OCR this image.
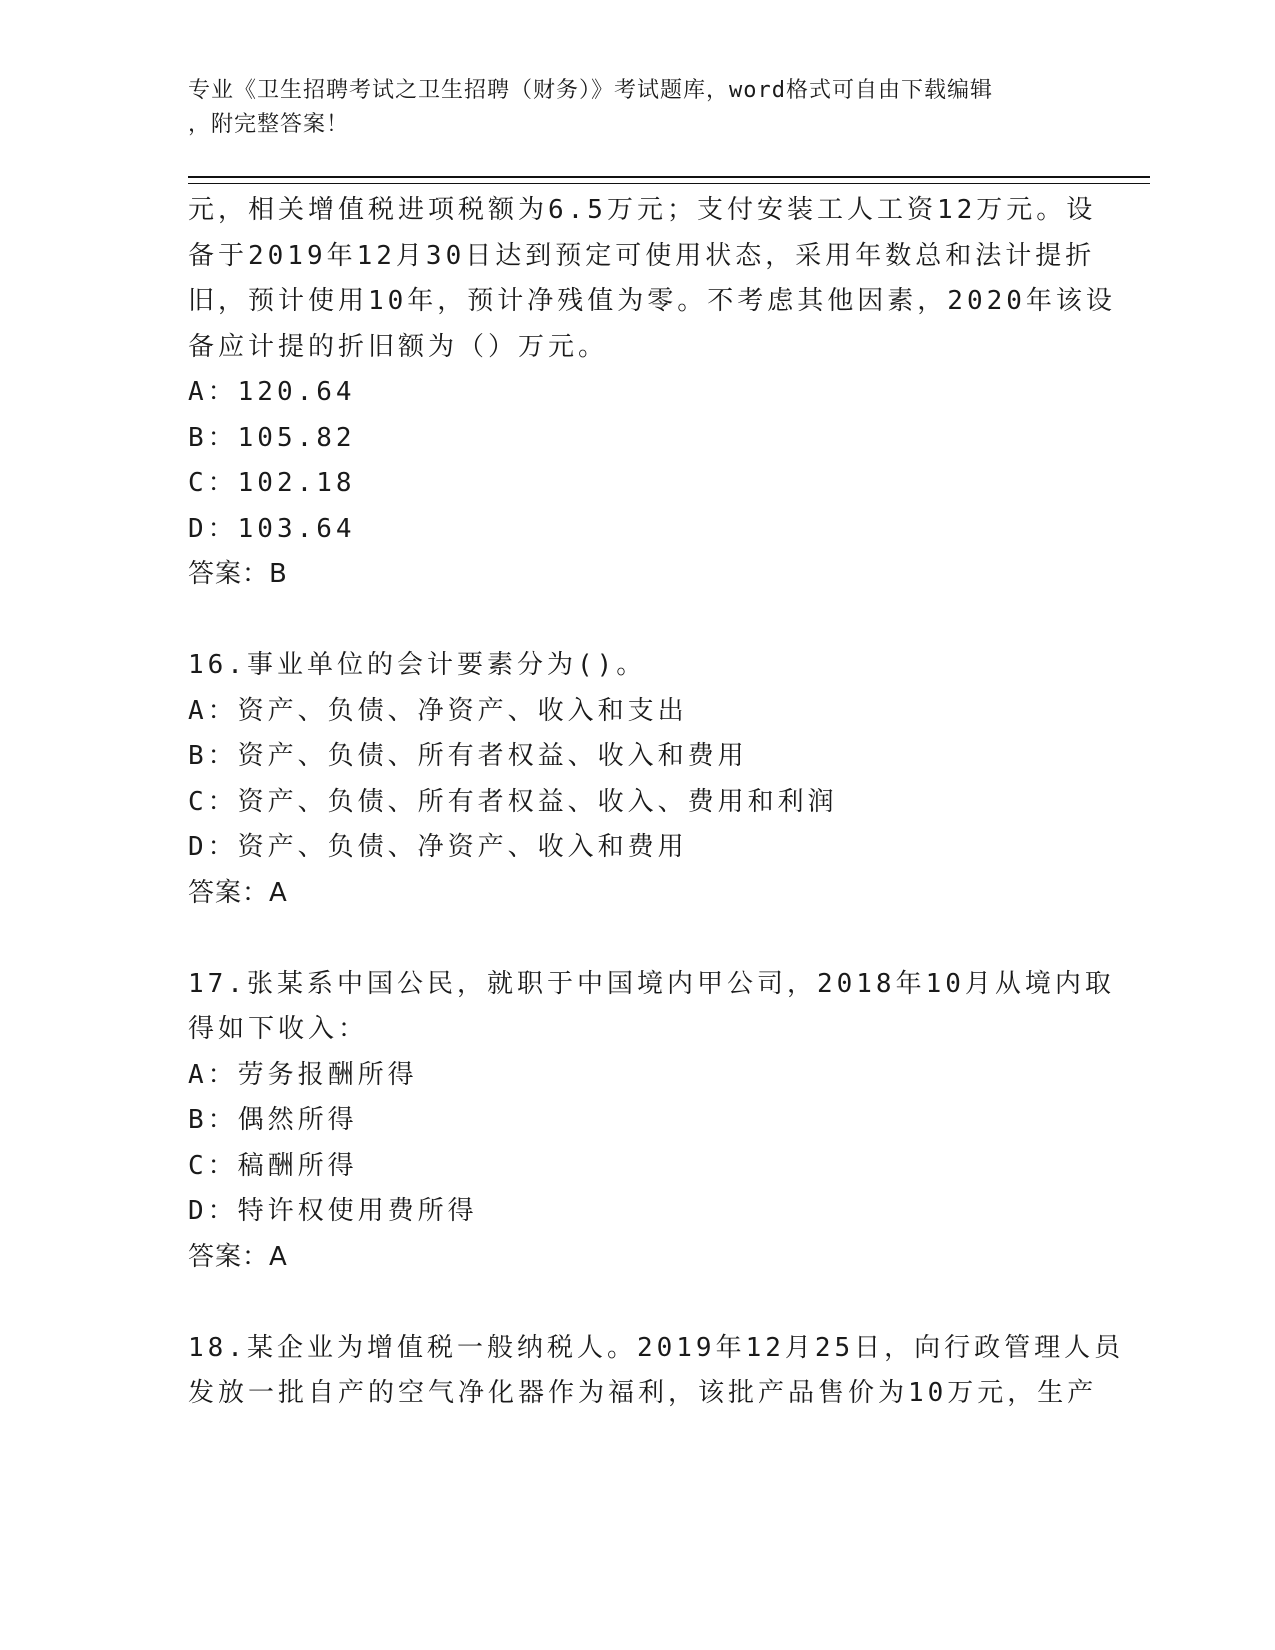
专业《卫生招聘考试之卫生招聘（财务）》考试题库，word格式可自由下载编辑
，附完整答案！
元，相关增值税进项税额为6.5万元；支付安装工人工资12万元。设
备于2019年12月30日达到预定可使用状态，采用年数总和法计提折
旧，预计使用10年，预计净残值为零。不考虑其他因素，2020年该设
备应计提的折旧额为（）万元。
A：120.64
B：105.82
C：102.18
D：103.64
答案：B
16.事业单位的会计要素分为()。
A：资产、负债、净资产、收入和支出
B：资产、负债、所有者权益、收入和费用
C：资产、负债、所有者权益、收入、费用和利润
D：资产、负债、净资产、收入和费用
答案：A
17.张某系中国公民，就职于中国境内甲公司，2018年10月从境内取
得如下收入：
A：劳务报酬所得
B：偶然所得
C：稿酬所得
D：特许权使用费所得
答案：A
18.某企业为增值税一般纳税人。2019年12月25日，向行政管理人员
发放一批自产的空气净化器作为福利，该批产品售价为10万元，生产
